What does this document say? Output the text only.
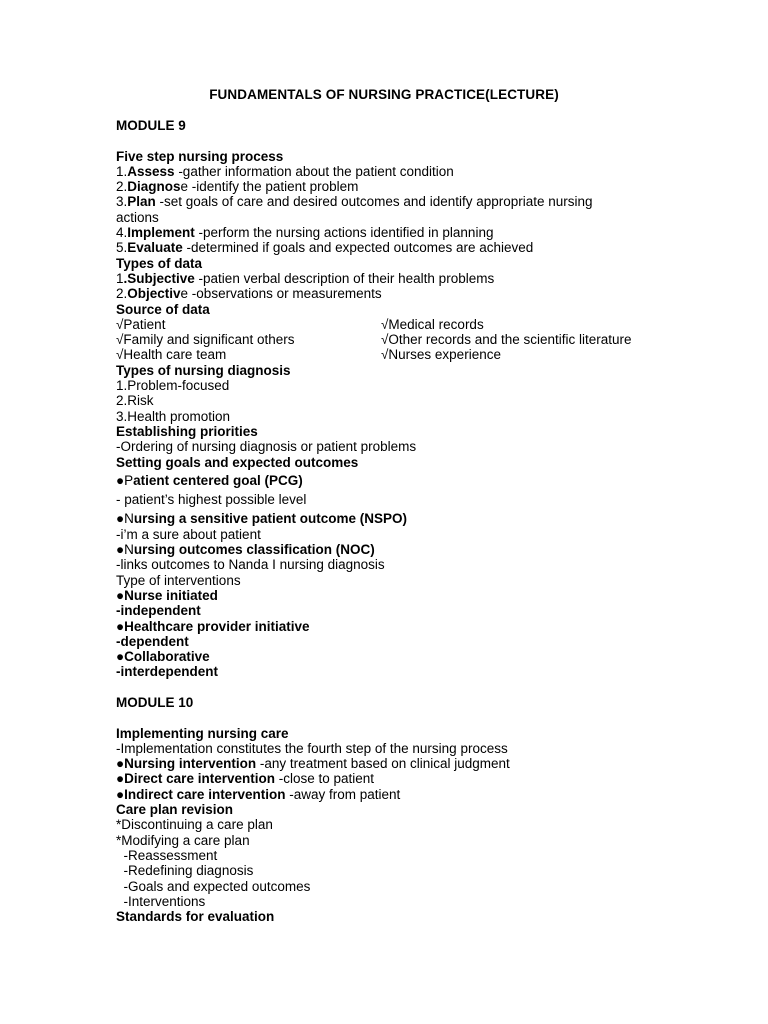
FUNDAMENTALS OF NURSING PRACTICE(LECTURE)
MODULE 9
Five step nursing process
1.Assess -gather information about the patient condition
2.Diagnose -identify the patient problem
3.Plan -set goals of care and desired outcomes and identify appropriate nursing
actions
4.Implement -perform the nursing actions identified in planning
5.Evaluate -determined if goals and expected outcomes are achieved
Types of data
1.Subjective -patien verbal description of their health problems
2.Objective -observations or measurements
Source of data
√Patient	√Medical records
√Family and significant others	√Other records and the scientific literature
√Health care team	√Nurses experience
Types of nursing diagnosis
1.Problem-focused
2.Risk
3.Health promotion
Establishing priorities
-Ordering of nursing diagnosis or patient problems
Setting goals and expected outcomes
●Patient centered goal (PCG)
- patient’s highest possible level
●Nursing a sensitive patient outcome (NSPO)
-i’m a sure about patient
●Nursing outcomes classification (NOC)
-links outcomes to Nanda I nursing diagnosis
Type of interventions
●Nurse initiated
-independent
●Healthcare provider initiative
-dependent
●Collaborative
-interdependent
MODULE 10
Implementing nursing care
-Implementation constitutes the fourth step of the nursing process
●Nursing intervention -any treatment based on clinical judgment
●Direct care intervention -close to patient
●Indirect care intervention -away from patient
Care plan revision
*Discontinuing a care plan
*Modifying a care plan
-Reassessment
-Redefining diagnosis
-Goals and expected outcomes
-Interventions
Standards for evaluation
